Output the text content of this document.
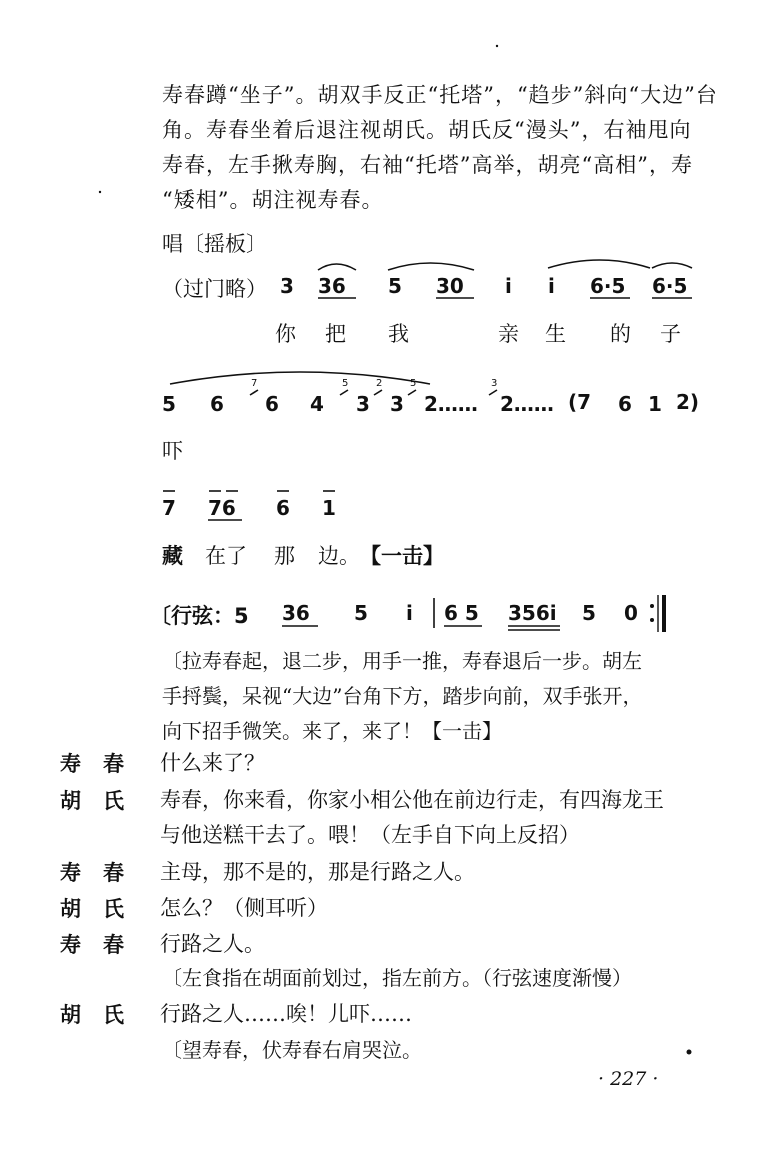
寿春蹲“坐子”。胡双手反正“托塔”，“趋步”斜向“大边”台
角。寿春坐着后退注视胡氏。胡氏反“漫头”，右袖甩向
寿春，左手揪寿胸，右袖“托塔”高举，胡亮“高相”，寿
“矮相”。胡注视寿春。
唱〔摇板〕
（过门略） 3 36 5 30 i i 6·5 6·5
你 把 我	亲 生 的 子
5 6 6 4 3 3 2…… 2…… (7 6 1 2)
7	5	2	5	3
吓
7 76 6 1
藏 在了 那 边。 【一击】
〔行弦：5 36 5 i 6 5 356i 5 0
〔拉寿春起，退二步，用手一推，寿春退后一步。胡左
手捋鬓，呆视“大边”台角下方，踏步向前，双手张开，
向下招手微笑。来了，来了！【一击】
寿春 什么来了？
胡氏 寿春，你来看，你家小相公他在前边行走，有四海龙王
与他送糕干去了。喂！（左手自下向上反招）
寿春 主母，那不是的，那是行路之人。
胡氏 怎么？（侧耳听）
寿春 行路之人。
〔左食指在胡面前划过，指左前方。（行弦速度渐慢）
胡氏 行路之人……唉！儿吓……
〔望寿春，伏寿春右肩哭泣。
· 227 ·
